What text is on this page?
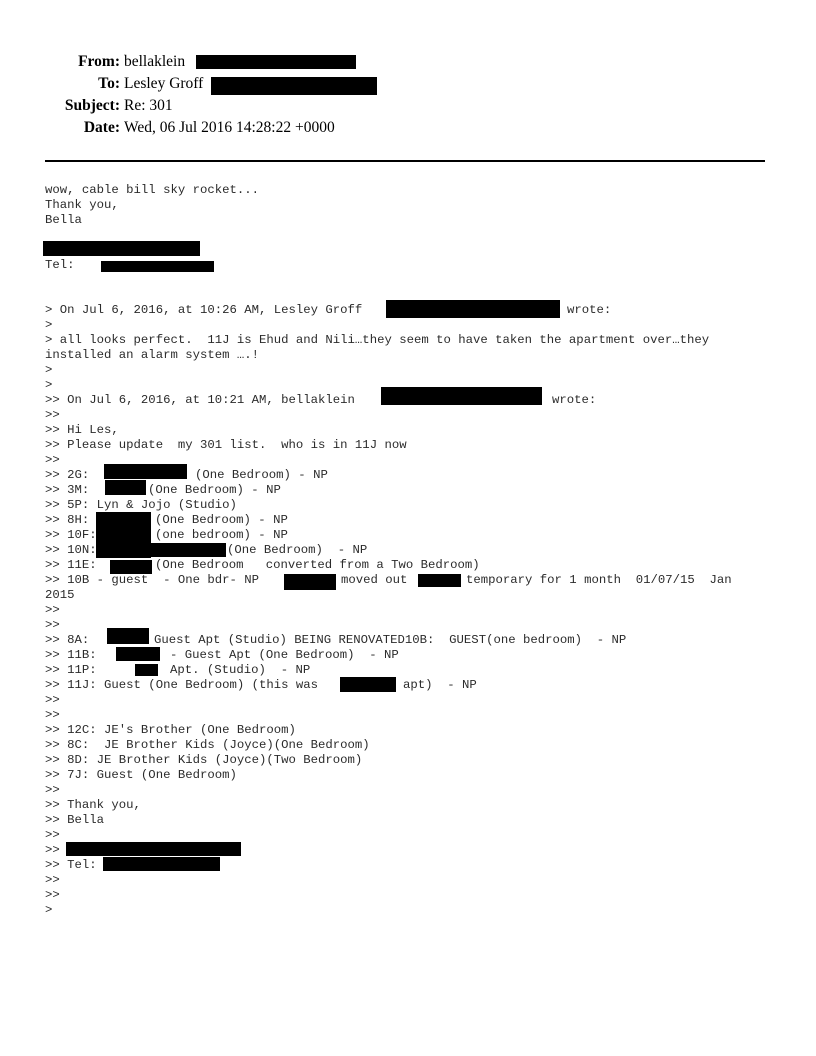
From: bellaklein
To: Lesley Groff
Subject: Re: 301
Date: Wed, 06 Jul 2016 14:28:22 +0000
wow, cable bill sky rocket...
Thank you,
Bella
Tel:
> On Jul 6, 2016, at 10:26 AM, Lesley Groff	wrote:
>
> all looks perfect.  11J is Ehud and Nili…they seem to have taken the apartment over…they
installed an alarm system ….!
>
>
>> On Jul 6, 2016, at 10:21 AM, bellaklein	wrote:
>>
>> Hi Les,
>> Please update  my 301 list.  who is in 11J now
>>
>> 2G:	(One Bedroom) - NP
>> 3M:	(One Bedroom) - NP
>> 5P: Lyn & Jojo (Studio)
>> 8H:	(One Bedroom) - NP
>> 10F:	(one bedroom) - NP
>> 10N:	(One Bedroom)  - NP
>> 11E:	(One Bedroom   converted from a Two Bedroom)
>> 10B - guest  - One bdr- NP	moved out	temporary for 1 month  01/07/15  Jan
2015
>>
>>
>> 8A:	Guest Apt (Studio) BEING RENOVATED10B:  GUEST(one bedroom)  - NP
>> 11B:	- Guest Apt (One Bedroom)  - NP
>> 11P:	Apt. (Studio)  - NP
>> 11J: Guest (One Bedroom) (this was	apt)  - NP
>>
>>
>> 12C: JE's Brother (One Bedroom)
>> 8C:  JE Brother Kids (Joyce)(One Bedroom)
>> 8D: JE Brother Kids (Joyce)(Two Bedroom)
>> 7J: Guest (One Bedroom)
>>
>> Thank you,
>> Bella
>>
>>
>> Tel:
>>
>>
>
